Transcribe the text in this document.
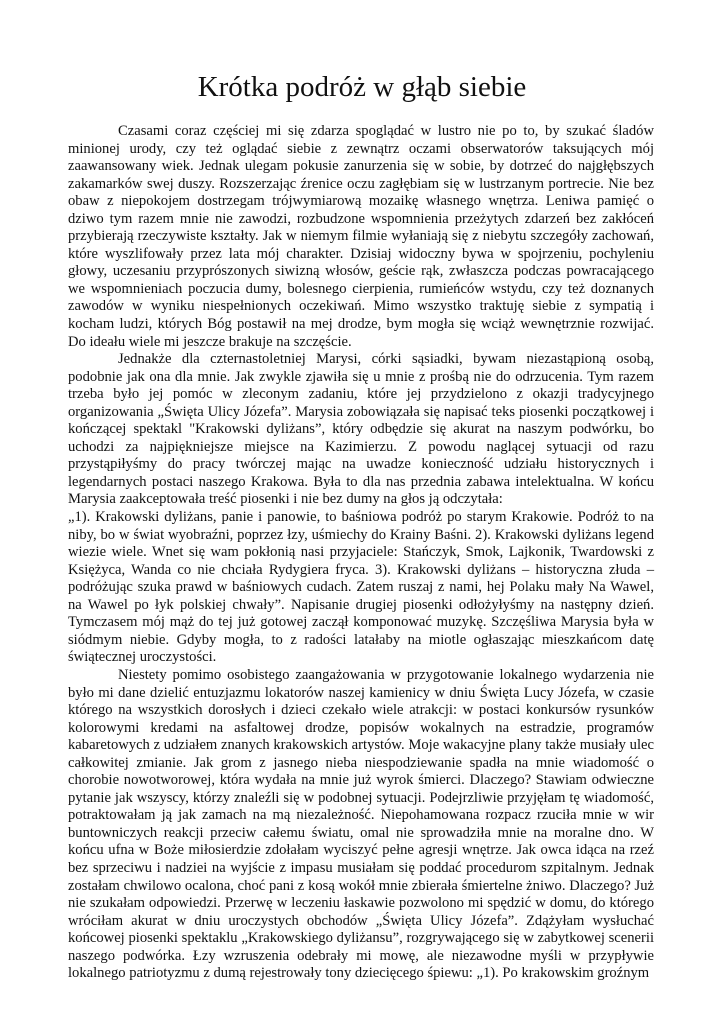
Krótka podróż w głąb siebie

Czasami coraz częściej mi się zdarza spoglądać w lustro nie po to, by szukać śladów minionej urody, czy też oglądać siebie z zewnątrz oczami obserwatorów taksujących mój zaawansowany wiek. Jednak ulegam pokusie zanurzenia się w sobie, by dotrzeć do najgłębszych zakamarków swej duszy. Rozszerzając źrenice oczu zagłębiam się w lustrzanym portrecie. Nie bez obaw z niepokojem dostrzegam trójwymiarową mozaikę własnego wnętrza. Leniwa pamięć o dziwo tym razem mnie nie zawodzi, rozbudzone wspomnienia przeżytych zdarzeń bez zakłóceń przybierają rzeczywiste kształty. Jak w niemym filmie wyłaniają się z niebytu szczegóły zachowań, które wyszlifowały przez lata mój charakter. Dzisiaj widoczny bywa w spojrzeniu, pochyleniu głowy, uczesaniu przyprószonych siwizną włosów, geście rąk, zwłaszcza podczas powracającego we wspomnieniach poczucia dumy, bolesnego cierpienia, rumieńców wstydu, czy też doznanych zawodów w wyniku niespełnionych oczekiwań. Mimo wszystko traktuję siebie z sympatią i kocham ludzi, których Bóg postawił na mej drodze, bym mogła się wciąż wewnętrznie rozwijać. Do ideału wiele mi jeszcze brakuje na szczęście.

Jednakże dla czternastoletniej Marysi, córki sąsiadki, bywam niezastąpioną osobą, podobnie jak ona dla mnie. Jak zwykle zjawiła się u mnie z prośbą nie do odrzucenia. Tym razem trzeba było jej pomóc w zleconym zadaniu, które jej przydzielono z okazji tradycyjnego organizowania „Święta Ulicy Józefa”. Marysia zobowiązała się napisać teks piosenki początkowej i kończącej spektakl "Krakowski dyliżans”, który odbędzie się akurat na naszym podwórku, bo uchodzi za najpiękniejsze miejsce na Kazimierzu. Z powodu naglącej sytuacji od razu przystąpiłyśmy do pracy twórczej mając na uwadze konieczność udziału historycznych i legendarnych postaci naszego Krakowa. Była to dla nas przednia zabawa intelektualna. W końcu Marysia zaakceptowała treść piosenki i nie bez dumy na głos ją odczytała:

„1). Krakowski dyliżans, panie i panowie, to baśniowa podróż po starym Krakowie. Podróż to na niby, bo w świat wyobraźni, poprzez łzy, uśmiechy do Krainy Baśni. 2). Krakowski dyliżans legend wiezie wiele. Wnet się wam pokłonią nasi przyjaciele: Stańczyk, Smok, Lajkonik, Twardowski z Księżyca, Wanda co nie chciała Rydygiera fryca. 3). Krakowski dyliżans – historyczna złuda – podróżując szuka prawd w baśniowych cudach. Zatem ruszaj z nami, hej Polaku mały Na Wawel, na Wawel po łyk polskiej chwały”. Napisanie drugiej piosenki odłożyłyśmy na następny dzień. Tymczasem mój mąż do tej już gotowej zaczął komponować muzykę. Szczęśliwa Marysia była w siódmym niebie. Gdyby mogła, to z radości latałaby na miotle ogłaszając mieszkańcom datę świątecznej uroczystości.

Niestety pomimo osobistego zaangażowania w przygotowanie lokalnego wydarzenia nie było mi dane dzielić entuzjazmu lokatorów naszej kamienicy w dniu Święta Lucy Józefa, w czasie którego na wszystkich dorosłych i dzieci czekało wiele atrakcji: w postaci konkursów rysunków kolorowymi kredami na asfaltowej drodze, popisów wokalnych na estradzie, programów kabaretowych z udziałem znanych krakowskich artystów. Moje wakacyjne plany także musiały ulec całkowitej zmianie. Jak grom z jasnego nieba niespodziewanie spadła na mnie wiadomość o chorobie nowotworowej, która wydała na mnie już wyrok śmierci. Dlaczego? Stawiam odwieczne pytanie jak wszyscy, którzy znaleźli się w podobnej sytuacji. Podejrzliwie przyjęłam tę wiadomość, potraktowałam ją jak zamach na mą niezależność. Niepohamowana rozpacz rzuciła mnie w wir buntowniczych reakcji przeciw całemu światu, omal nie sprowadziła mnie na moralne dno. W końcu ufna w Boże miłosierdzie zdołałam wyciszyć pełne agresji wnętrze. Jak owca idąca na rzeź bez sprzeciwu i nadziei na wyjście z impasu musiałam się poddać procedurom szpitalnym. Jednak zostałam chwilowo ocalona, choć pani z kosą wokół mnie zbierała śmiertelne żniwo. Dlaczego? Już nie szukałam odpowiedzi. Przerwę w leczeniu łaskawie pozwolono mi spędzić w domu, do którego wróciłam akurat w dniu uroczystych obchodów „Święta Ulicy Józefa”. Zdążyłam wysłuchać końcowej piosenki spektaklu „Krakowskiego dyliżansu”, rozgrywającego się w zabytkowej scenerii naszego podwórka. Łzy wzruszenia odebrały mi mowę, ale niezawodne myśli w przypływie lokalnego patriotyzmu z dumą rejestrowały tony dziecięcego śpiewu: „1). Po krakowskim groźnym
